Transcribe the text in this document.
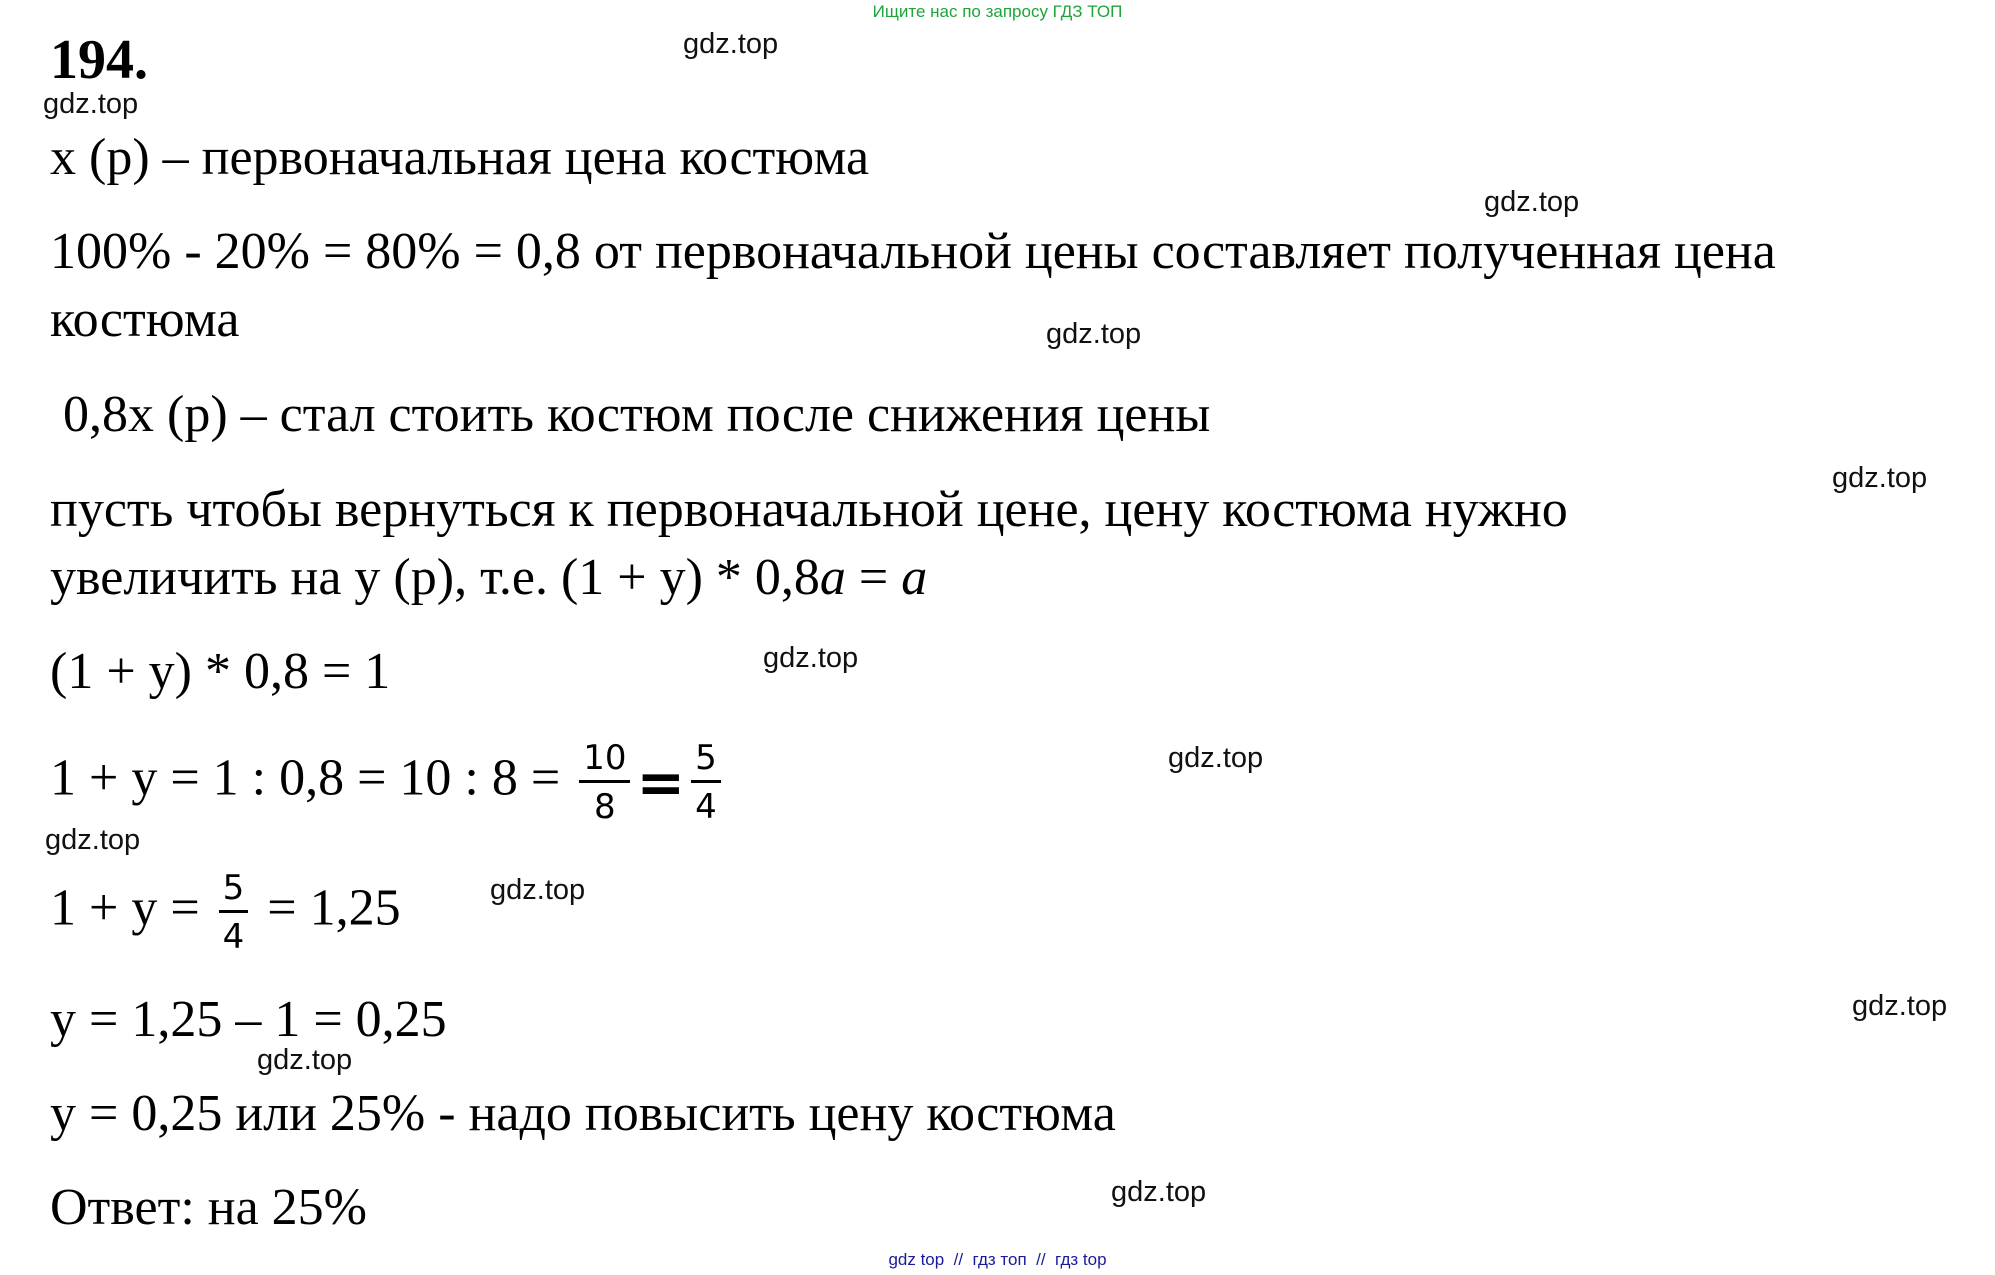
Ищите нас по запросу ГДЗ ТОП
194.
x (р) – первоначальная цена костюма
100% - 20% = 80% = 0,8 от первоначальной цены составляет полученная цена
костюма
0,8x (р) – стал стоить костюм после снижения цены
пусть чтобы вернуться к первоначальной цене, цену костюма нужно
увеличить на y (р), т.е. (1 + y) * 0,8a = a
(1 + y) * 0,8 = 1
1 + y = 1 : 0,8 = 10 : $8 = \frac{10}{8} = \frac{5}{4}$
$1 + y = \frac{5}{4} = 1,25$
y = 1,25 – 1 = 0,25
y = 0,25 или 25% - надо повысить цену костюма
Ответ: на 25%
gdz.top
gdz.top
gdz.top
gdz.top
gdz.top
gdz.top
gdz.top
gdz.top
gdz.top
gdz.top
gdz.top
gdz.top
gdz top  //  гдз топ  //  гдз top
